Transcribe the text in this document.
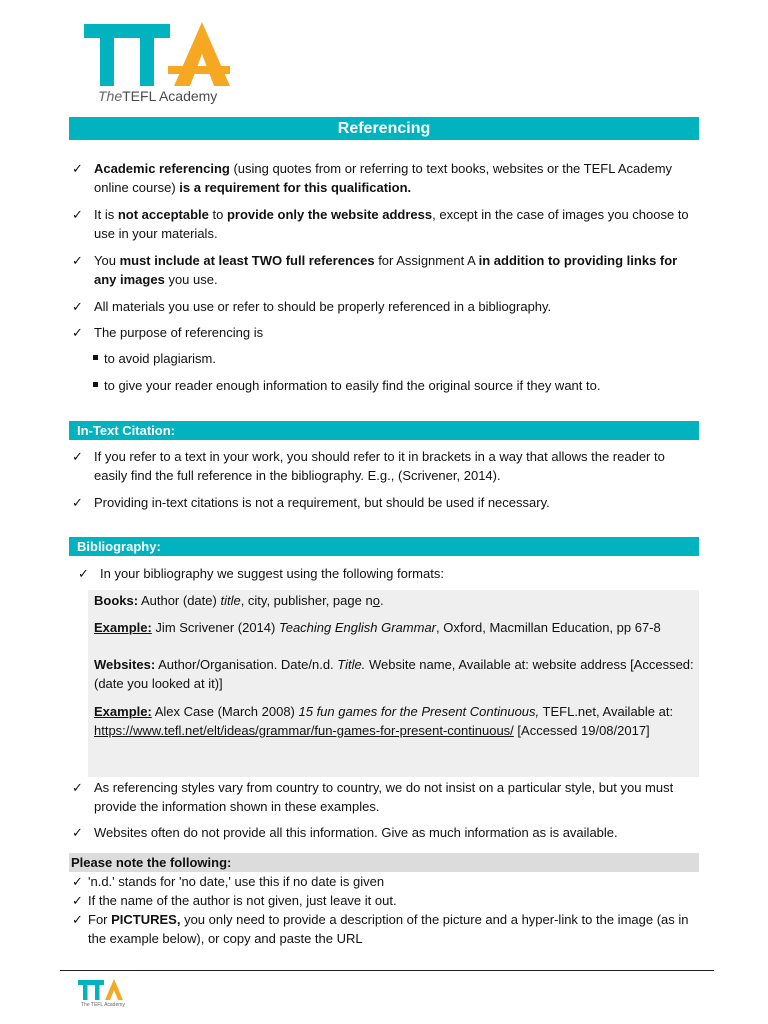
TheTEFL Academy
Referencing
✓ Academic referencing (using quotes from or referring to text books, websites or the TEFL Academy online course) is a requirement for this qualification.
✓ It is not acceptable to provide only the website address, except in the case of images you choose to use in your materials.
✓ You must include at least TWO full references for Assignment A in addition to providing links for any images you use.
✓ All materials you use or refer to should be properly referenced in a bibliography.
✓ The purpose of referencing is
to avoid plagiarism.
to give your reader enough information to easily find the original source if they want to.
In-Text Citation:
✓ If you refer to a text in your work, you should refer to it in brackets in a way that allows the reader to easily find the full reference in the bibliography. E.g., (Scrivener, 2014).
✓ Providing in-text citations is not a requirement, but should be used if necessary.
Bibliography:
✓ In your bibliography we suggest using the following formats:
Books: Author (date) title, city, publisher, page no.
Example: Jim Scrivener (2014) Teaching English Grammar, Oxford, Macmillan Education, pp 67-8
Websites: Author/Organisation. Date/n.d. Title. Website name, Available at: website address [Accessed: (date you looked at it)]
Example: Alex Case (March 2008) 15 fun games for the Present Continuous, TEFL.net, Available at: https://www.tefl.net/elt/ideas/grammar/fun-games-for-present-continuous/ [Accessed 19/08/2017]
✓ As referencing styles vary from country to country, we do not insist on a particular style, but you must provide the information shown in these examples.
✓ Websites often do not provide all this information. Give as much information as is available.
Please note the following:
✓ 'n.d.' stands for 'no date,' use this if no date is given
✓ If the name of the author is not given, just leave it out.
✓ For PICTURES, you only need to provide a description of the picture and a hyper-link to the image (as in the example below), or copy and paste the URL
The TEFL Academy
